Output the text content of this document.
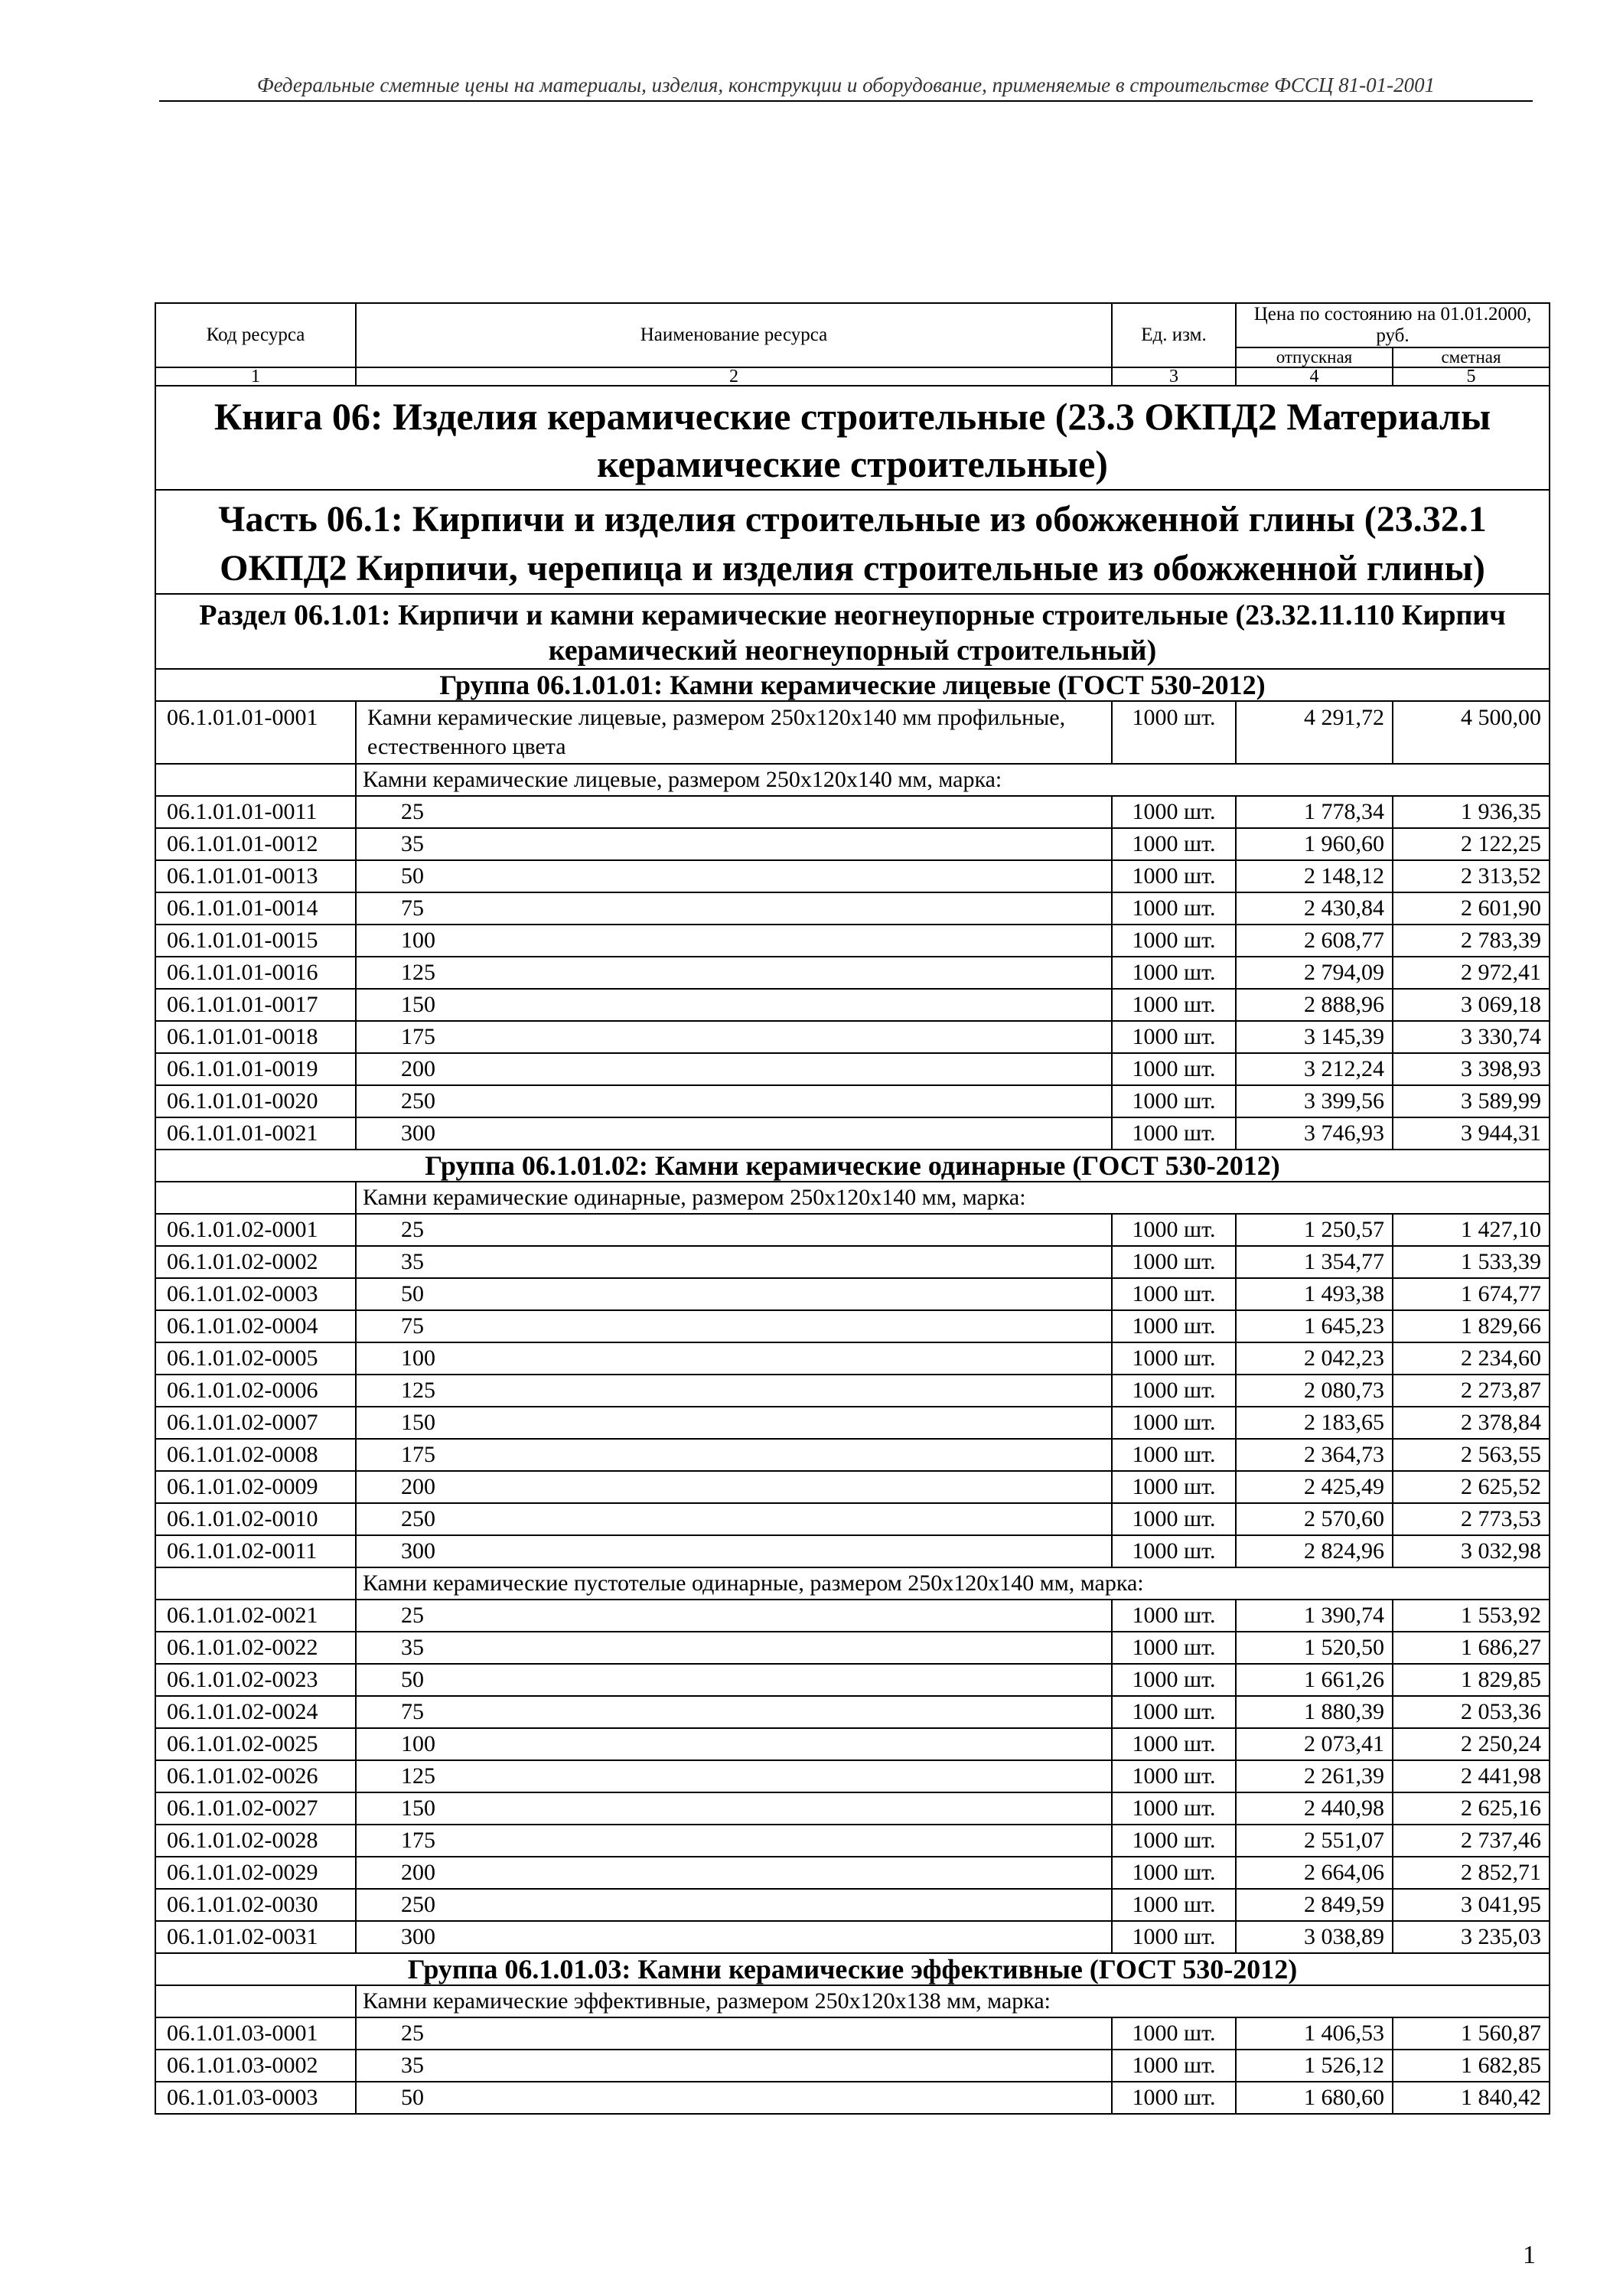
Федеральные сметные цены на материалы, изделия, конструкции и оборудование, применяемые в строительстве ФССЦ 81-01-2001
Код ресурса	Наименование ресурса	Ед. изм.	Цена по состоянию на 01.01.2000, руб.	
			отпускная	сметная
1	2	3	4	5
Книга 06: Изделия керамические строительные (23.3 ОКПД2 Материалы керамические строительные)				
Часть 06.1: Кирпичи и изделия строительные из обожженной глины (23.32.1 ОКПД2 Кирпичи, черепица и изделия строительные из обожженной глины)				
Раздел 06.1.01: Кирпичи и камни керамические неогнеупорные строительные (23.32.11.110 Кирпич керамический неогнеупорный строительный)				
Группа 06.1.01.01: Камни керамические лицевые (ГОСТ 530-2012)				
06.1.01.01-0001	Камни керамические лицевые, размером 250x120x140 мм профильные, естественного цвета	1000 шт.	4 291,72	4 500,00
	Камни керамические лицевые, размером 250x120x140 мм, марка:			
06.1.01.01-0011	25	1000 шт.	1 778,34	1 936,35
06.1.01.01-0012	35	1000 шт.	1 960,60	2 122,25
06.1.01.01-0013	50	1000 шт.	2 148,12	2 313,52
06.1.01.01-0014	75	1000 шт.	2 430,84	2 601,90
06.1.01.01-0015	100	1000 шт.	2 608,77	2 783,39
06.1.01.01-0016	125	1000 шт.	2 794,09	2 972,41
06.1.01.01-0017	150	1000 шт.	2 888,96	3 069,18
06.1.01.01-0018	175	1000 шт.	3 145,39	3 330,74
06.1.01.01-0019	200	1000 шт.	3 212,24	3 398,93
06.1.01.01-0020	250	1000 шт.	3 399,56	3 589,99
06.1.01.01-0021	300	1000 шт.	3 746,93	3 944,31
Группа 06.1.01.02: Камни керамические одинарные (ГОСТ 530-2012)				
	Камни керамические одинарные, размером 250x120x140 мм, марка:			
06.1.01.02-0001	25	1000 шт.	1 250,57	1 427,10
06.1.01.02-0002	35	1000 шт.	1 354,77	1 533,39
06.1.01.02-0003	50	1000 шт.	1 493,38	1 674,77
06.1.01.02-0004	75	1000 шт.	1 645,23	1 829,66
06.1.01.02-0005	100	1000 шт.	2 042,23	2 234,60
06.1.01.02-0006	125	1000 шт.	2 080,73	2 273,87
06.1.01.02-0007	150	1000 шт.	2 183,65	2 378,84
06.1.01.02-0008	175	1000 шт.	2 364,73	2 563,55
06.1.01.02-0009	200	1000 шт.	2 425,49	2 625,52
06.1.01.02-0010	250	1000 шт.	2 570,60	2 773,53
06.1.01.02-0011	300	1000 шт.	2 824,96	3 032,98
	Камни керамические пустотелые одинарные, размером 250x120x140 мм, марка:			
06.1.01.02-0021	25	1000 шт.	1 390,74	1 553,92
06.1.01.02-0022	35	1000 шт.	1 520,50	1 686,27
06.1.01.02-0023	50	1000 шт.	1 661,26	1 829,85
06.1.01.02-0024	75	1000 шт.	1 880,39	2 053,36
06.1.01.02-0025	100	1000 шт.	2 073,41	2 250,24
06.1.01.02-0026	125	1000 шт.	2 261,39	2 441,98
06.1.01.02-0027	150	1000 шт.	2 440,98	2 625,16
06.1.01.02-0028	175	1000 шт.	2 551,07	2 737,46
06.1.01.02-0029	200	1000 шт.	2 664,06	2 852,71
06.1.01.02-0030	250	1000 шт.	2 849,59	3 041,95
06.1.01.02-0031	300	1000 шт.	3 038,89	3 235,03
Группа 06.1.01.03: Камни керамические эффективные (ГОСТ 530-2012)				
	Камни керамические эффективные, размером 250x120x138 мм, марка:			
06.1.01.03-0001	25	1000 шт.	1 406,53	1 560,87
06.1.01.03-0002	35	1000 шт.	1 526,12	1 682,85
06.1.01.03-0003	50	1000 шт.	1 680,60	1 840,42
1
